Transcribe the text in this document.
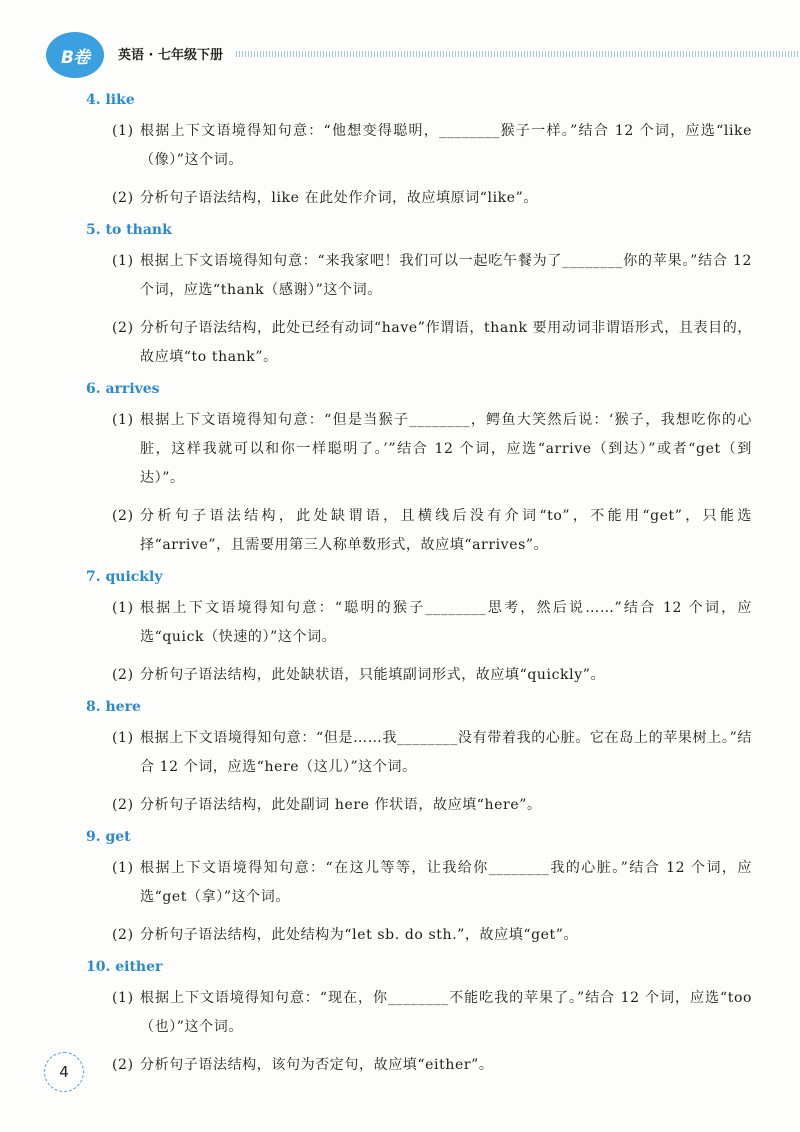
B卷	英语 · 七年级下册
4. like
(1) 根据上下文语境得知句意：“他想变得聪明，________猴子一样。”结合 12 个词，应选“like（像）”这个词。
(2) 分析句子语法结构，like 在此处作介词，故应填原词“like”。
5. to thank
(1) 根据上下文语境得知句意：“来我家吧！我们可以一起吃午餐为了________你的苹果。”结合 12 个词，应选“thank（感谢）”这个词。
(2) 分析句子语法结构，此处已经有动词“have”作谓语，thank 要用动词非谓语形式，且表目的，故应填“to thank”。
6. arrives
(1) 根据上下文语境得知句意：“但是当猴子________，鳄鱼大笑然后说：‘猴子，我想吃你的心脏，这样我就可以和你一样聪明了。’”结合 12 个词，应选“arrive（到达）”或者“get（到达）”。
(2) 分析句子语法结构，此处缺谓语，且横线后没有介词“to”，不能用“get”，只能选择“arrive”，且需要用第三人称单数形式，故应填“arrives”。
7. quickly
(1) 根据上下文语境得知句意：“聪明的猴子________思考，然后说……”结合 12 个词，应选“quick（快速的）”这个词。
(2) 分析句子语法结构，此处缺状语，只能填副词形式，故应填“quickly”。
8. here
(1) 根据上下文语境得知句意：“但是……我________没有带着我的心脏。它在岛上的苹果树上。”结合 12 个词，应选“here（这儿）”这个词。
(2) 分析句子语法结构，此处副词 here 作状语，故应填“here”。
9. get
(1) 根据上下文语境得知句意：“在这儿等等，让我给你________我的心脏。”结合 12 个词，应选“get（拿）”这个词。
(2) 分析句子语法结构，此处结构为“let sb. do sth.”，故应填“get”。
10. either
(1) 根据上下文语境得知句意：“现在，你________不能吃我的苹果了。”结合 12 个词，应选“too（也）”这个词。
(2) 分析句子语法结构，该句为否定句，故应填“either”。
4
